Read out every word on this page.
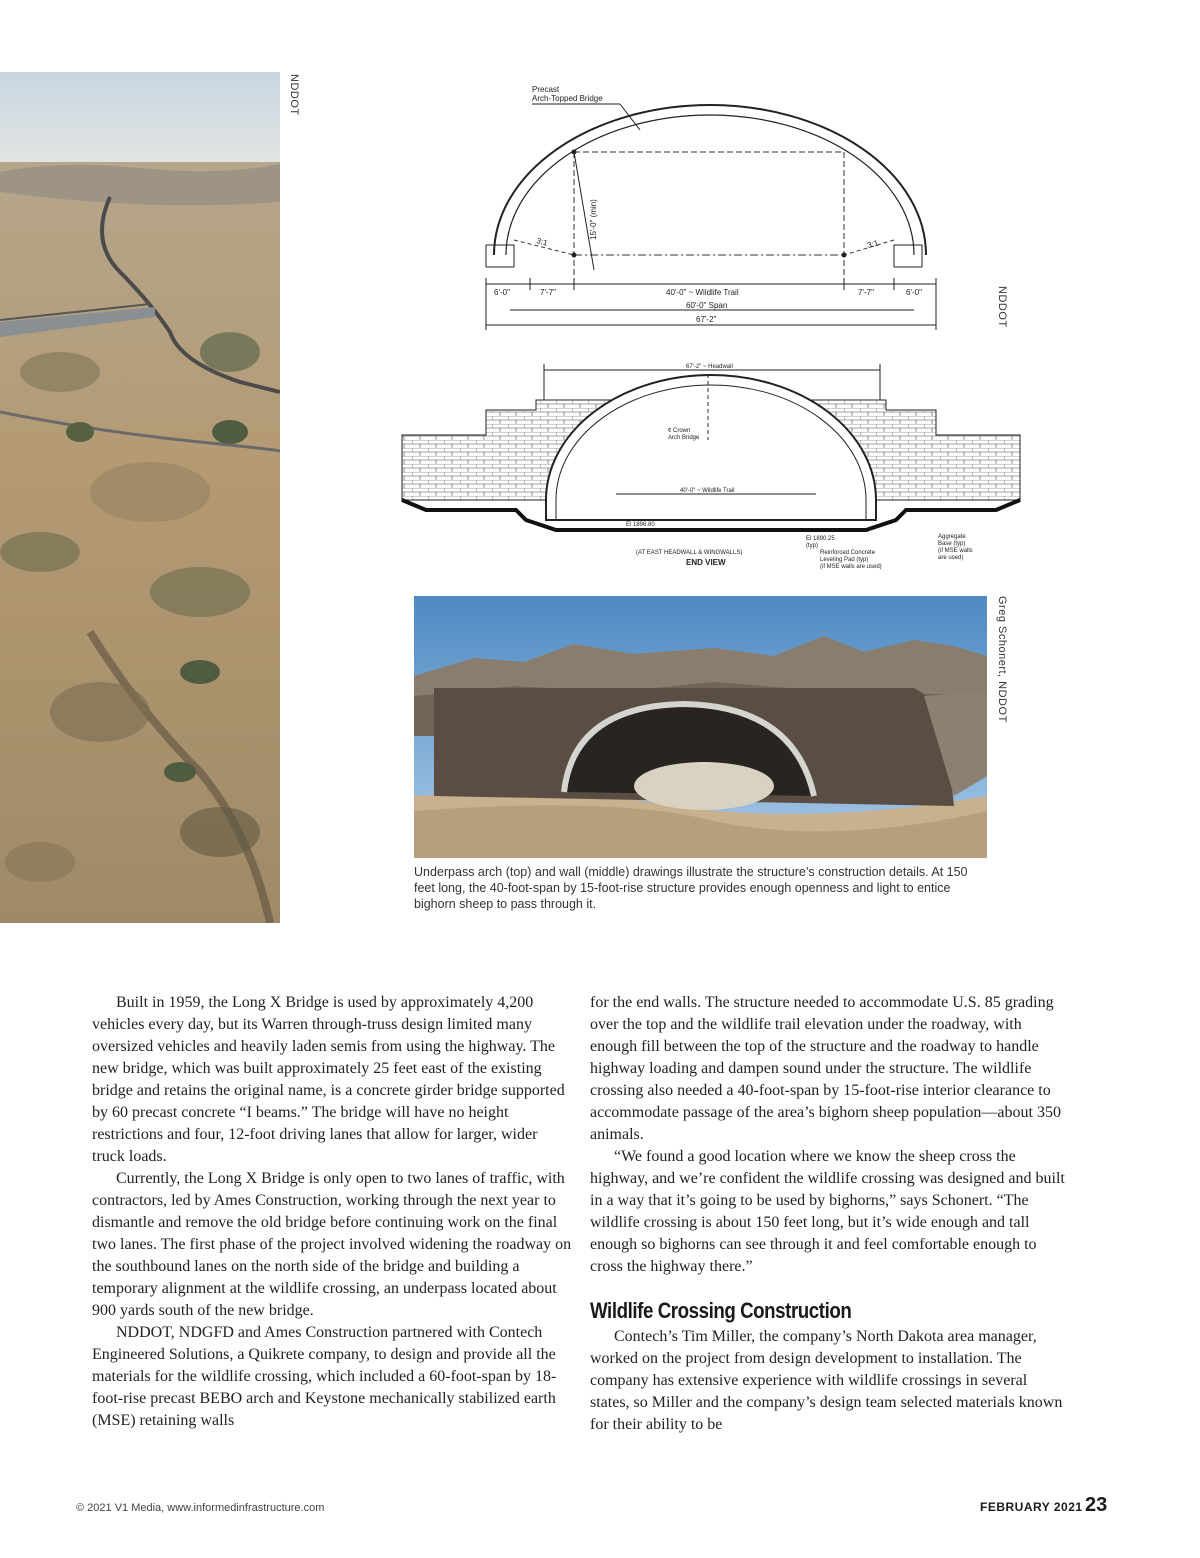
NDDOT	Precast Arch-Topped Bridge
15'-0" (min)
3:1	3:1
6'-0"	7'-7"	40'-0" ~ Wildlife Trail	7'-7"	6'-0"
60'-0" Span
67'-2"	NDDOT
67'-2" ~ Headwall
¢ Crown Arch Bridge
40'-0" ~ Wildlife Trail
El 1896.80
El 1890.25 (typ)
(AT EAST HEADWALL & WINGWALLS)
END VIEW
Reinforced Concrete Leveling Pad (typ) (if MSE walls are used)
Aggregate Base (typ) (if MSE walls are used)
Greg Schonert, NDDOT
Underpass arch (top) and wall (middle) drawings illustrate the structure’s construction details. At 150 feet long, the 40-foot-span by 15-foot-rise structure provides enough openness and light to entice bighorn sheep to pass through it.

Built in 1959, the Long X Bridge is used by approximately 4,200 vehicles every day, but its Warren through-truss design limited many oversized vehicles and heavily laden semis from using the highway. The new bridge, which was built approximately 25 feet east of the existing bridge and retains the original name, is a concrete girder bridge supported by 60 precast concrete “I beams.” The bridge will have no height restrictions and four, 12-foot driving lanes that allow for larger, wider truck loads.

Currently, the Long X Bridge is only open to two lanes of traffic, with contractors, led by Ames Construction, working through the next year to dismantle and remove the old bridge before continuing work on the final two lanes. The first phase of the project involved widening the roadway on the southbound lanes on the north side of the bridge and building a temporary alignment at the wildlife crossing, an underpass located about 900 yards south of the new bridge.

NDDOT, NDGFD and Ames Construction partnered with Contech Engineered Solutions, a Quikrete company, to design and provide all the materials for the wildlife crossing, which included a 60-foot-span by 18-foot-rise precast BEBO arch and Keystone mechanically stabilized earth (MSE) retaining walls

for the end walls. The structure needed to accommodate U.S. 85 grading over the top and the wildlife trail elevation under the roadway, with enough fill between the top of the structure and the roadway to handle highway loading and dampen sound under the structure. The wildlife crossing also needed a 40-foot-span by 15-foot-rise interior clearance to accommodate passage of the area’s bighorn sheep population—about 350 animals.

“We found a good location where we know the sheep cross the highway, and we’re confident the wildlife crossing was designed and built in a way that it’s going to be used by bighorns,” says Schonert. “The wildlife crossing is about 150 feet long, but it’s wide enough and tall enough so bighorns can see through it and feel comfortable enough to cross the highway there.”

Wildlife Crossing Construction

Contech’s Tim Miller, the company’s North Dakota area manager, worked on the project from design development to installation. The company has extensive experience with wildlife crossings in several states, so Miller and the company’s design team selected materials known for their ability to be

© 2021 V1 Media, www.informedinfrastructure.com	FEBRUARY 2021 23
